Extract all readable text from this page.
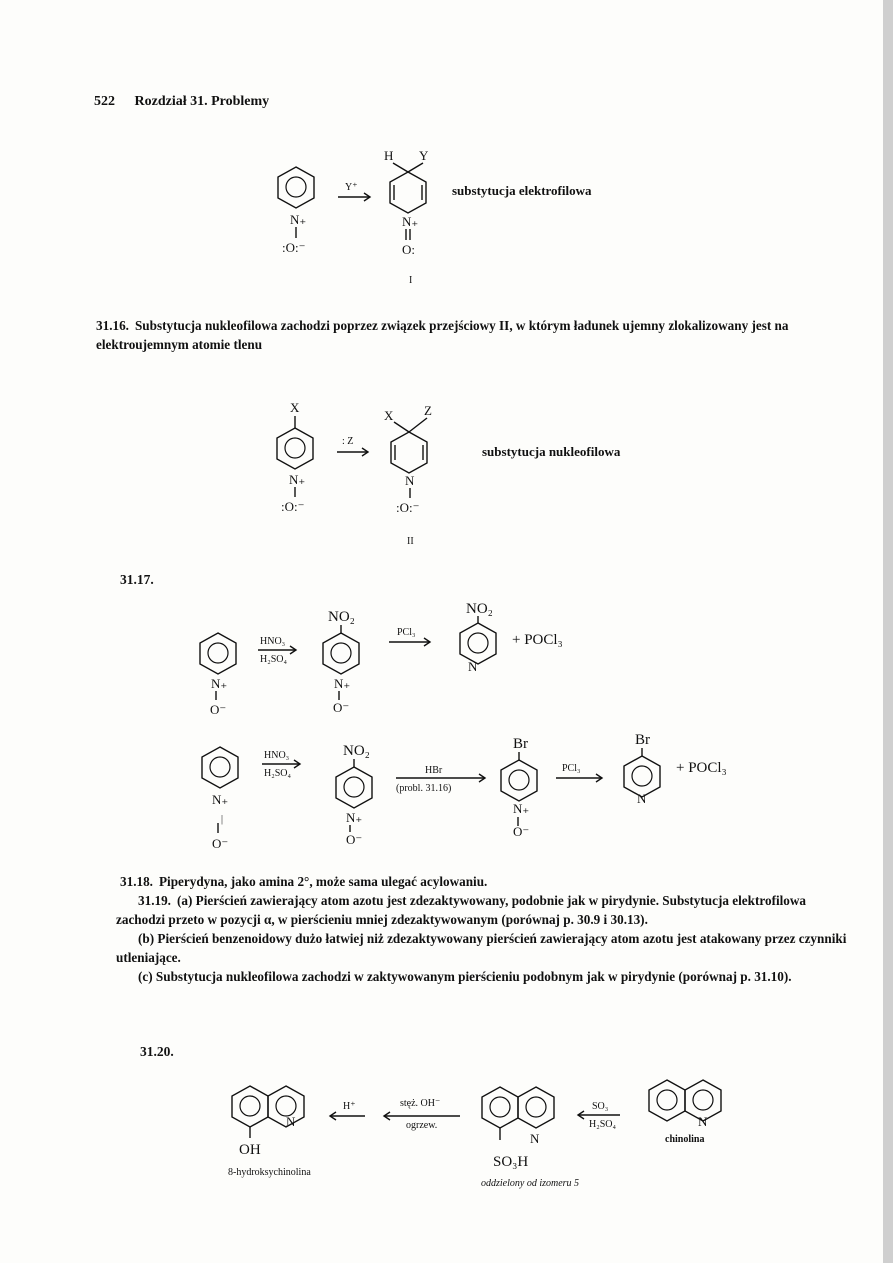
522 Rozdział 31. Problemy
N₊
:O:⁻
Y⁺
H Y
N₊
O:
I
substytucja elektrofilowa
31.16. Substytucja nukleofilowa zachodzi poprzez związek przejściowy II, w którym ładunek ujemny zlokalizowany jest na elektroujemnym atomie tlenu
X
N₊
:O:⁻
: Z
X Z
N
:O:⁻
II
substytucja nukleofilowa
31.17.
N₊
O⁻
HNO₃
H₂SO₄
NO₂
N₊
O⁻
PCl₃
NO₂
N
+ POCl₃
N₊
|
O⁻
HNO₃
H₂SO₄
NO₂
N₊
O⁻
HBr
(probl. 31.16)
Br
N₊
O⁻
PCl₃
Br
N
+ POCl₃
31.18. Piperydyna, jako amina 2°, może sama ulegać acylowaniu.
31.19. (a) Pierścień zawierający atom azotu jest zdezaktywowany, podobnie jak w pirydynie. Substytucja elektrofilowa zachodzi przeto w pozycji α, w pierścieniu mniej zdezaktywowanym (porównaj p. 30.9 i 30.13).
(b) Pierścień benzenoidowy dużo łatwiej niż zdezaktywowany pierścień zawierający atom azotu jest atakowany przez czynniki utleniające.
(c) Substytucja nukleofilowa zachodzi w zaktywowanym pierścieniu podobnym jak w pirydynie (porównaj p. 31.10).
31.20.
N
OH
8-hydroksychinolina
H⁺	stęż. OH⁻
ogrzew.
N
SO₃H
oddzielony od izomeru 5
SO₃
H₂SO₄	N
chinolina
